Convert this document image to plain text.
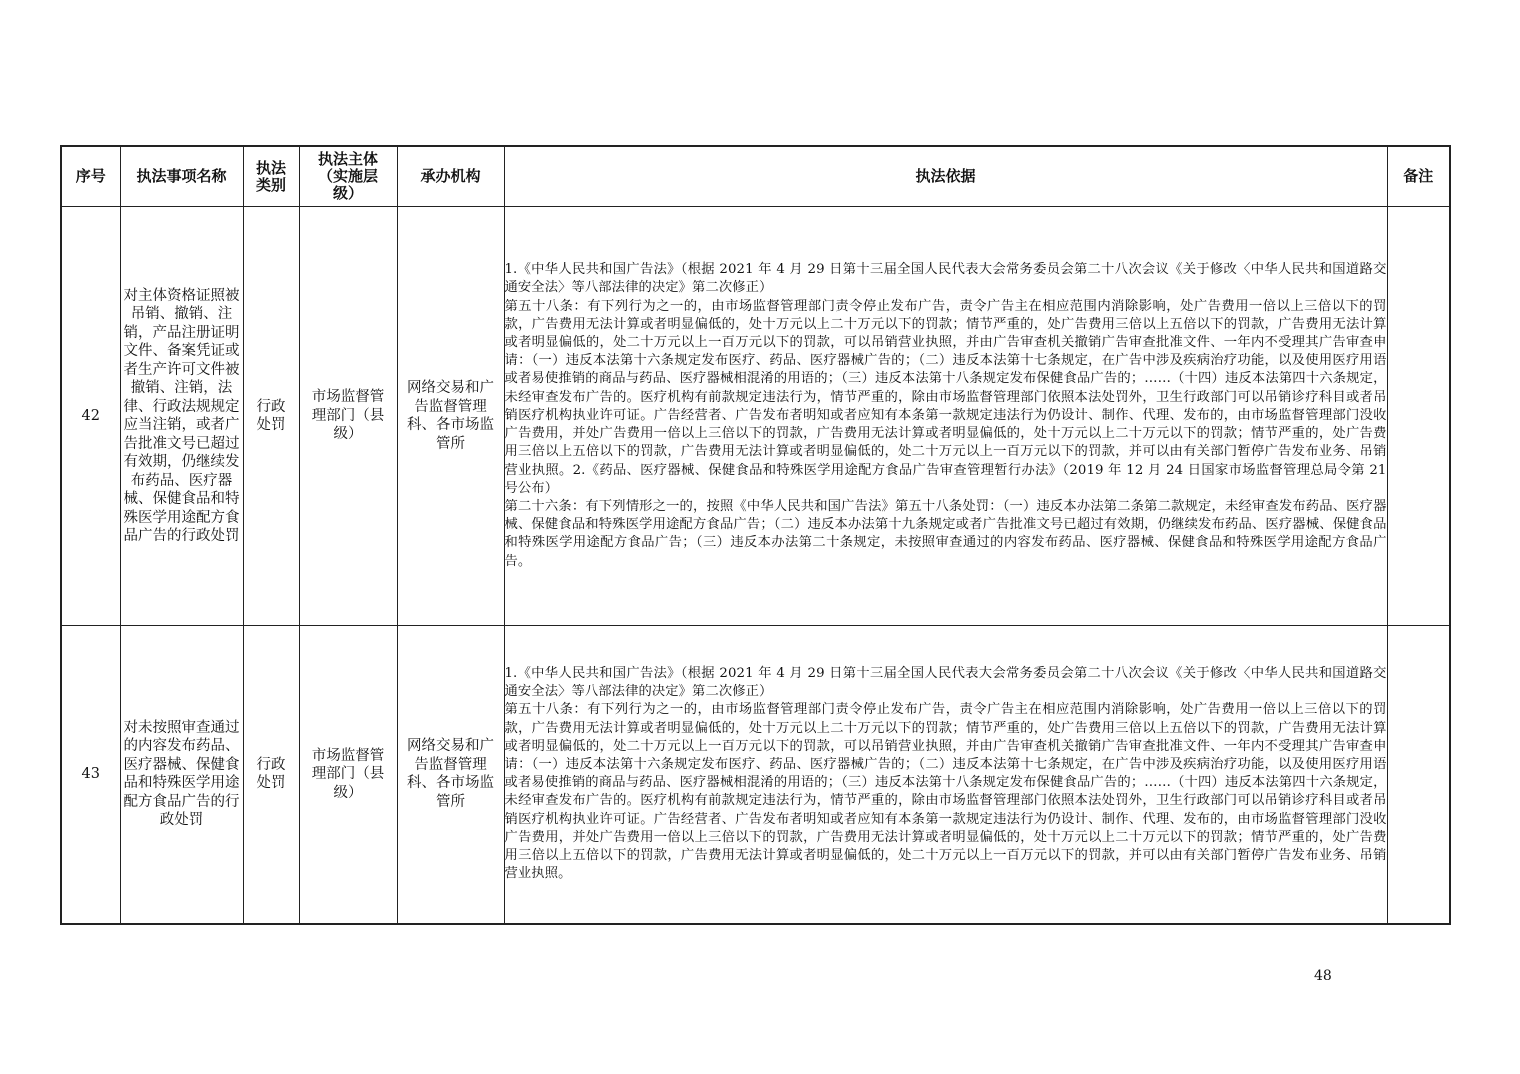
序号	执法事项名称	执法类别	执法主体（实施层级）	承办机构	执法依据	备注
42	对主体资格证照被吊销、撤销、注销，产品注册证明文件、备案凭证或者生产许可文件被撤销、注销，法律、行政法规规定应当注销，或者广告批准文号已超过有效期，仍继续发布药品、医疗器械、保健食品和特殊医学用途配方食品广告的行政处罚	行政处罚	市场监督管理部门（县级）	网络交易和广告监督管理科、各市场监管所	1.《中华人民共和国广告法》（根据 2021 年 4 月 29 日第十三届全国人民代表大会常务委员会第二十八次会议《关于修改〈中华人民共和国道路交通安全法〉等八部法律的决定》第二次修正）
第五十八条：有下列行为之一的，由市场监督管理部门责令停止发布广告，责令广告主在相应范围内消除影响，处广告费用一倍以上三倍以下的罚款，广告费用无法计算或者明显偏低的，处十万元以上二十万元以下的罚款；情节严重的，处广告费用三倍以上五倍以下的罚款，广告费用无法计算或者明显偏低的，处二十万元以上一百万元以下的罚款，可以吊销营业执照，并由广告审查机关撤销广告审查批准文件、一年内不受理其广告审查申请：（一）违反本法第十六条规定发布医疗、药品、医疗器械广告的；（二）违反本法第十七条规定，在广告中涉及疾病治疗功能，以及使用医疗用语或者易使推销的商品与药品、医疗器械相混淆的用语的；（三）违反本法第十八条规定发布保健食品广告的；……（十四）违反本法第四十六条规定，未经审查发布广告的。医疗机构有前款规定违法行为，情节严重的，除由市场监督管理部门依照本法处罚外，卫生行政部门可以吊销诊疗科目或者吊销医疗机构执业许可证。广告经营者、广告发布者明知或者应知有本条第一款规定违法行为仍设计、制作、代理、发布的，由市场监督管理部门没收广告费用，并处广告费用一倍以上三倍以下的罚款，广告费用无法计算或者明显偏低的，处十万元以上二十万元以下的罚款；情节严重的，处广告费用三倍以上五倍以下的罚款，广告费用无法计算或者明显偏低的，处二十万元以上一百万元以下的罚款，并可以由有关部门暂停广告发布业务、吊销营业执照。2.《药品、医疗器械、保健食品和特殊医学用途配方食品广告审查管理暂行办法》（2019 年 12 月 24 日国家市场监督管理总局令第 21 号公布）
第二十六条：有下列情形之一的，按照《中华人民共和国广告法》第五十八条处罚：（一）违反本办法第二条第二款规定，未经审查发布药品、医疗器械、保健食品和特殊医学用途配方食品广告；（二）违反本办法第十九条规定或者广告批准文号已超过有效期，仍继续发布药品、医疗器械、保健食品和特殊医学用途配方食品广告；（三）违反本办法第二十条规定，未按照审查通过的内容发布药品、医疗器械、保健食品和特殊医学用途配方食品广告。	

43	对未按照审查通过的内容发布药品、医疗器械、保健食品和特殊医学用途配方食品广告的行政处罚	行政处罚	市场监督管理部门（县级）	网络交易和广告监督管理科、各市场监管所	1.《中华人民共和国广告法》（根据 2021 年 4 月 29 日第十三届全国人民代表大会常务委员会第二十八次会议《关于修改〈中华人民共和国道路交通安全法〉等八部法律的决定》第二次修正）
第五十八条：有下列行为之一的，由市场监督管理部门责令停止发布广告，责令广告主在相应范围内消除影响，处广告费用一倍以上三倍以下的罚款，广告费用无法计算或者明显偏低的，处十万元以上二十万元以下的罚款；情节严重的，处广告费用三倍以上五倍以下的罚款，广告费用无法计算或者明显偏低的，处二十万元以上一百万元以下的罚款，可以吊销营业执照，并由广告审查机关撤销广告审查批准文件、一年内不受理其广告审查申请：（一）违反本法第十六条规定发布医疗、药品、医疗器械广告的；（二）违反本法第十七条规定，在广告中涉及疾病治疗功能，以及使用医疗用语或者易使推销的商品与药品、医疗器械相混淆的用语的；（三）违反本法第十八条规定发布保健食品广告的；……（十四）违反本法第四十六条规定，未经审查发布广告的。医疗机构有前款规定违法行为，情节严重的，除由市场监督管理部门依照本法处罚外，卫生行政部门可以吊销诊疗科目或者吊销医疗机构执业许可证。广告经营者、广告发布者明知或者应知有本条第一款规定违法行为仍设计、制作、代理、发布的，由市场监督管理部门没收广告费用，并处广告费用一倍以上三倍以下的罚款，广告费用无法计算或者明显偏低的，处十万元以上二十万元以下的罚款；情节严重的，处广告费用三倍以上五倍以下的罚款，广告费用无法计算或者明显偏低的，处二十万元以上一百万元以下的罚款，并可以由有关部门暂停广告发布业务、吊销营业执照。	

48
